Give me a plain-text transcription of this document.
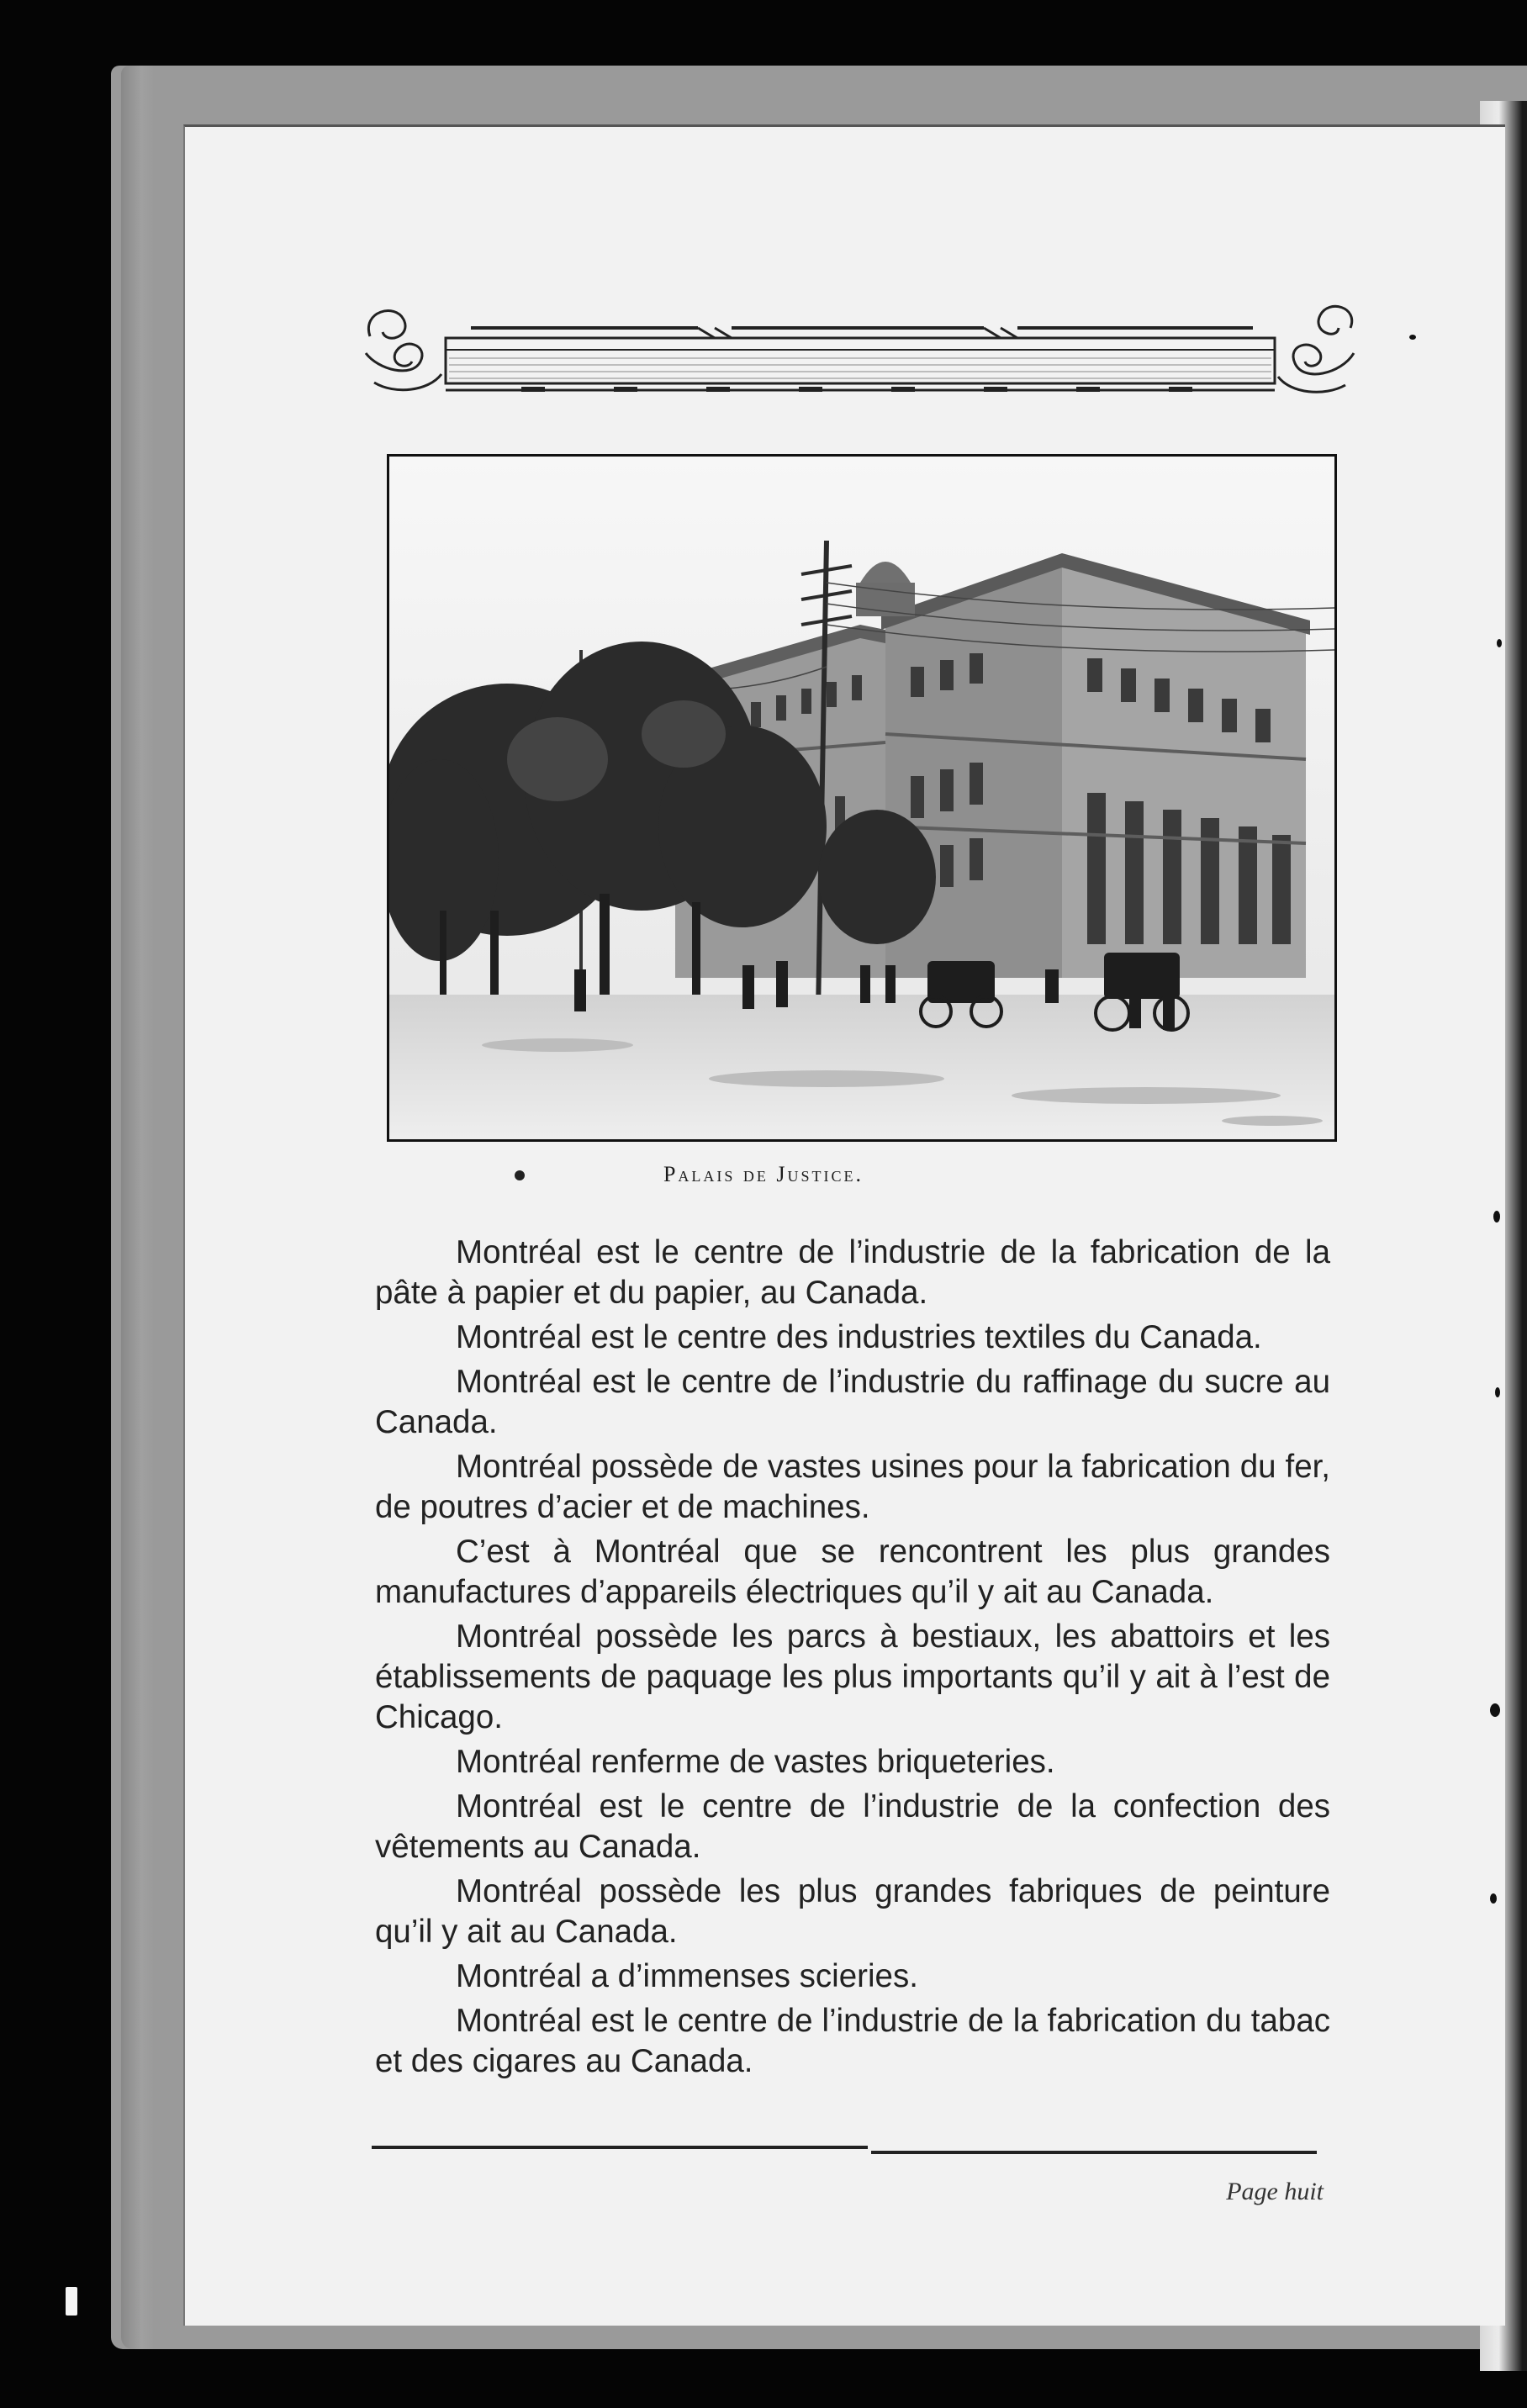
Palais de Justice.

Montréal est le centre de l’industrie de la fabrication de la pâte à papier et du papier, au Canada.

Montréal est le centre des industries textiles du Canada.

Montréal est le centre de l’industrie du raffinage du sucre au Canada.

Montréal possède de vastes usines pour la fabrication du fer, de poutres d’acier et de machines.

C’est à Montréal que se rencontrent les plus grandes manufactures d’appareils électriques qu’il y ait au Canada.

Montréal possède les parcs à bestiaux, les abattoirs et les établissements de paquage les plus importants qu’il y ait à l’est de Chicago.

Montréal renferme de vastes briqueteries.

Montréal est le centre de l’industrie de la confection des vêtements au Canada.

Montréal possède les plus grandes fabriques de peinture qu’il y ait au Canada.

Montréal a d’immenses scieries.

Montréal est le centre de l’industrie de la fabrication du tabac et des cigares au Canada.

Page huit
